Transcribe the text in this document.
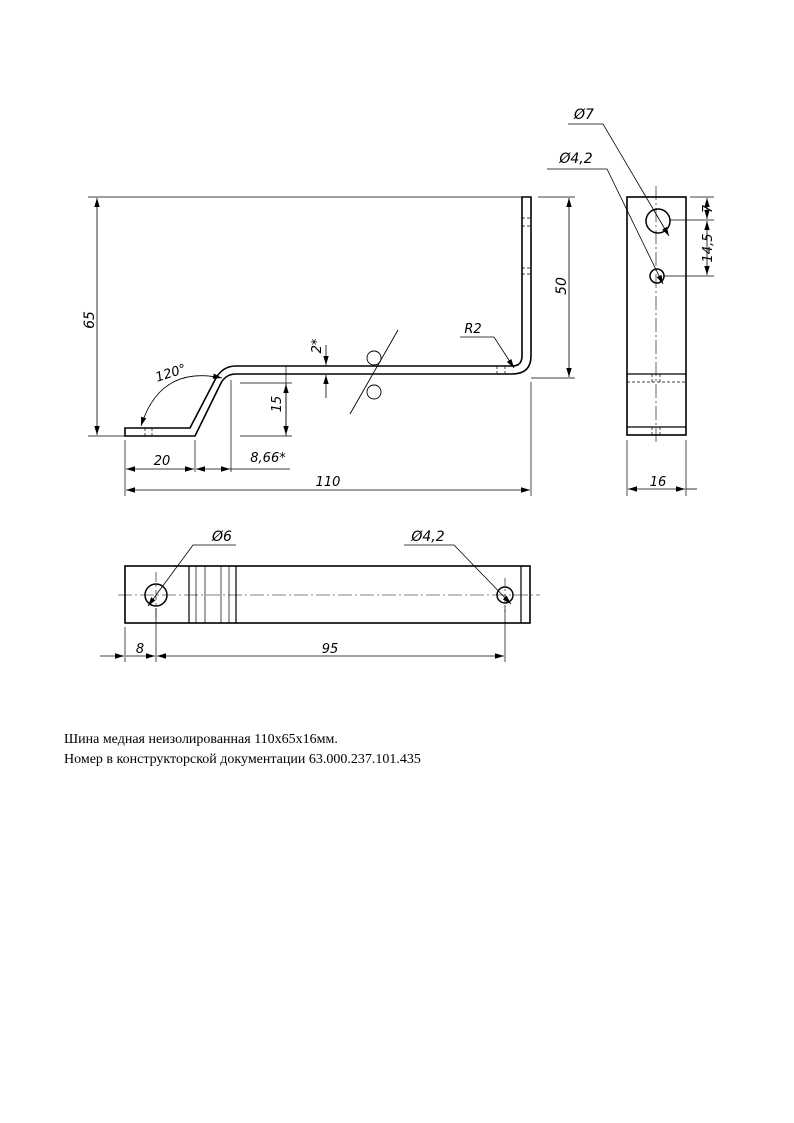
65
50
15
2*
120°
R2
20	8,66*
110
Ø7
Ø4,2
7
14,5
16
Ø6	Ø4,2
8	95
Шина медная неизолированная 110х65х16мм.
Номер в конструкторской документации 63.000.237.101.435
